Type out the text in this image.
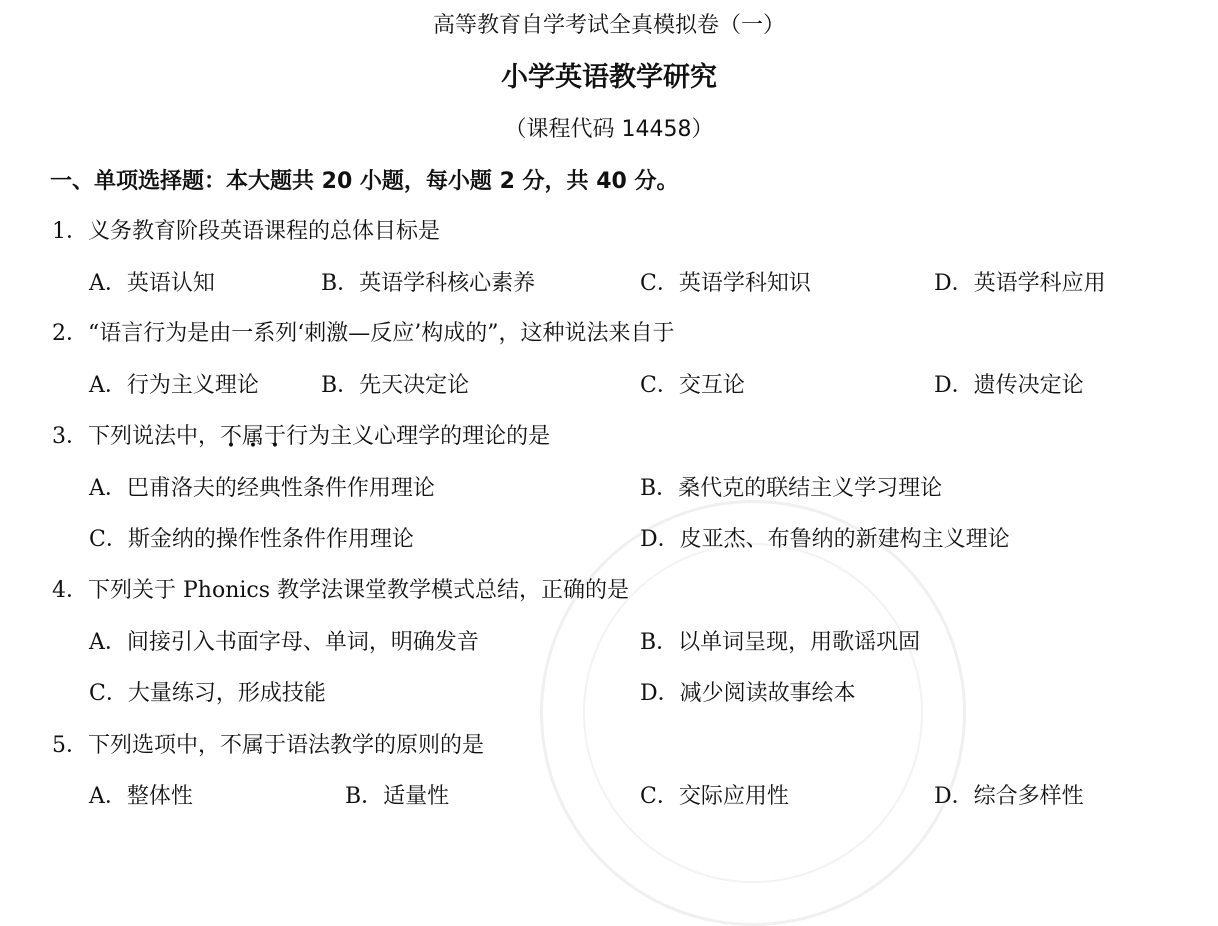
高等教育自学考试全真模拟卷（一）
小学英语教学研究
（课程代码 14458）
一、单项选择题：本大题共 20 小题，每小题 2 分，共 40 分。
1．义务教育阶段英语课程的总体目标是
A．英语认知	B．英语学科核心素养	C．英语学科知识	D．英语学科应用
2．“语言行为是由一系列‘刺激—反应’构成的”，这种说法来自于
A．行为主义理论	B．先天决定论	C．交互论	D．遗传决定论
3．下列说法中，不属于行为主义心理学的理论的是
A．巴甫洛夫的经典性条件作用理论	B．桑代克的联结主义学习理论
C．斯金纳的操作性条件作用理论	D．皮亚杰、布鲁纳的新建构主义理论
4．下列关于 Phonics 教学法课堂教学模式总结，正确的是
A．间接引入书面字母、单词，明确发音	B．以单词呈现，用歌谣巩固
C．大量练习，形成技能	D．减少阅读故事绘本
5．下列选项中，不属于语法教学的原则的是
A．整体性	B．适量性	C．交际应用性	D．综合多样性
